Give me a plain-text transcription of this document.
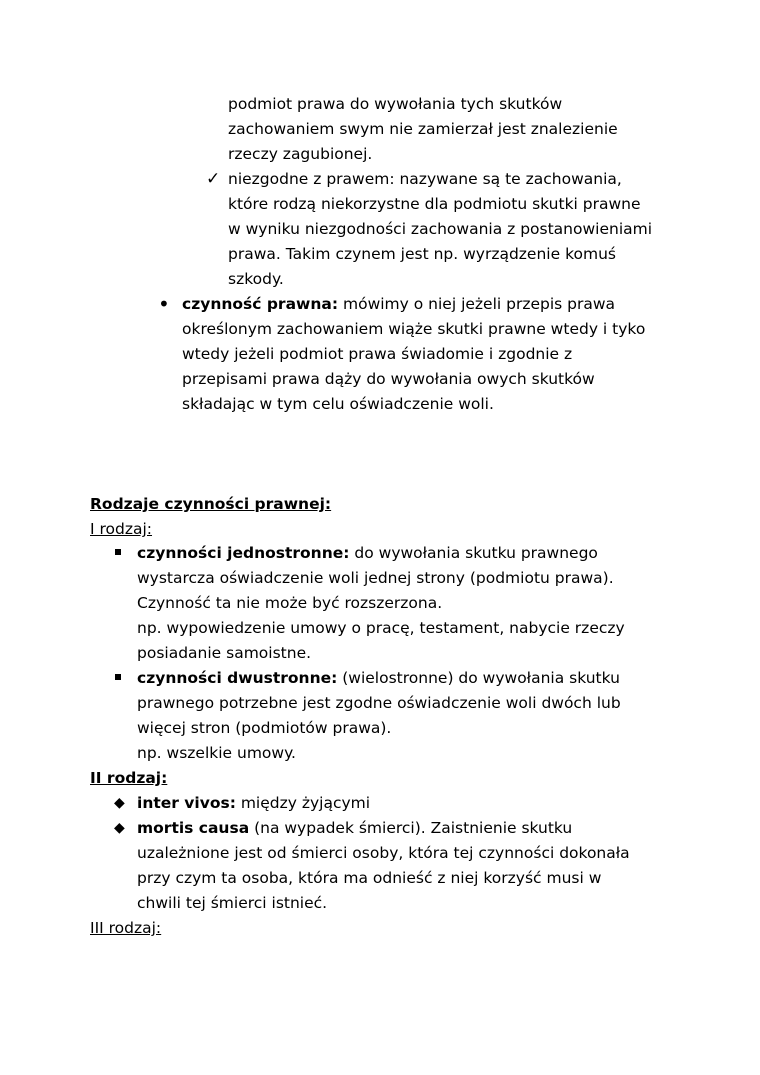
podmiot prawa do wywołania tych skutków
zachowaniem swym nie zamierzał jest znalezienie
rzeczy zagubionej.
✓ niezgodne z prawem: nazywane są te zachowania,
które rodzą niekorzystne dla podmiotu skutki prawne
w wyniku niezgodności zachowania z postanowieniami
prawa. Takim czynem jest np. wyrządzenie komuś
szkody.
• czynność prawna: mówimy o niej jeżeli przepis prawa
określonym zachowaniem wiąże skutki prawne wtedy i tyko
wtedy jeżeli podmiot prawa świadomie i zgodnie z
przepisami prawa dąży do wywołania owych skutków
składając w tym celu oświadczenie woli.
Rodzaje czynności prawnej:
I rodzaj:
czynności jednostronne: do wywołania skutku prawnego
wystarcza oświadczenie woli jednej strony (podmiotu prawa).
Czynność ta nie może być rozszerzona.
np. wypowiedzenie umowy o pracę, testament, nabycie rzeczy
posiadanie samoistne.
czynności dwustronne: (wielostronne) do wywołania skutku
prawnego potrzebne jest zgodne oświadczenie woli dwóch lub
więcej stron (podmiotów prawa).
np. wszelkie umowy.
II rodzaj:
◆ inter vivos: między żyjącymi
◆ mortis causa (na wypadek śmierci). Zaistnienie skutku
uzależnione jest od śmierci osoby, która tej czynności dokonała
przy czym ta osoba, która ma odnieść z niej korzyść musi w
chwili tej śmierci istnieć.
III rodzaj:
